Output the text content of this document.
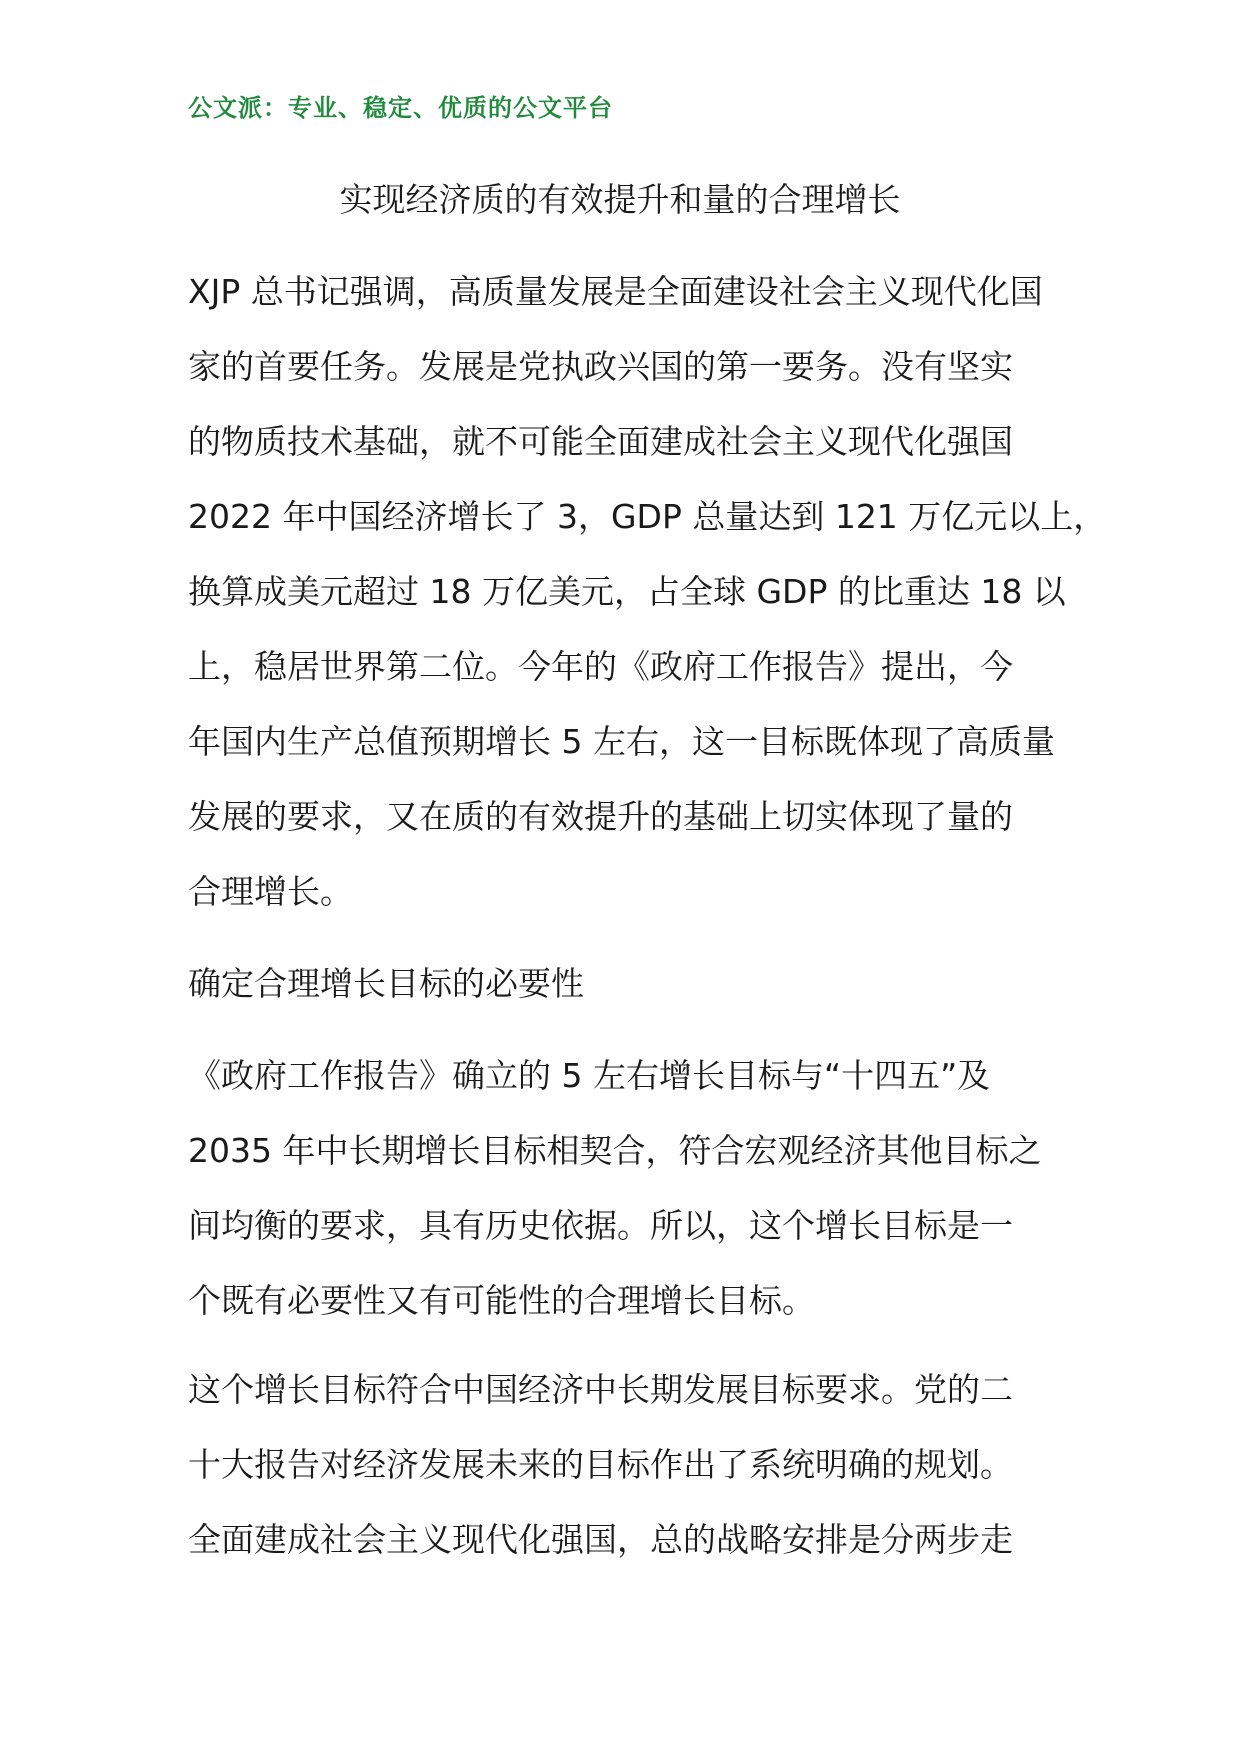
公文派：专业、稳定、优质的公文平台
实现经济质的有效提升和量的合理增长

XJP 总书记强调，高质量发展是全面建设社会主义现代化国
家的首要任务。发展是党执政兴国的第一要务。没有坚实
的物质技术基础，就不可能全面建成社会主义现代化强国
2022 年中国经济增长了 3，GDP 总量达到 121 万亿元以上，
换算成美元超过 18 万亿美元，占全球 GDP 的比重达 18 以
上，稳居世界第二位。今年的《政府工作报告》提出，今
年国内生产总值预期增长 5 左右，这一目标既体现了高质量
发展的要求，又在质的有效提升的基础上切实体现了量的
合理增长。

确定合理增长目标的必要性

《政府工作报告》确立的 5 左右增长目标与“十四五”及
2035 年中长期增长目标相契合，符合宏观经济其他目标之
间均衡的要求，具有历史依据。所以，这个增长目标是一
个既有必要性又有可能性的合理增长目标。

这个增长目标符合中国经济中长期发展目标要求。党的二
十大报告对经济发展未来的目标作出了系统明确的规划。
全面建成社会主义现代化强国，总的战略安排是分两步走
